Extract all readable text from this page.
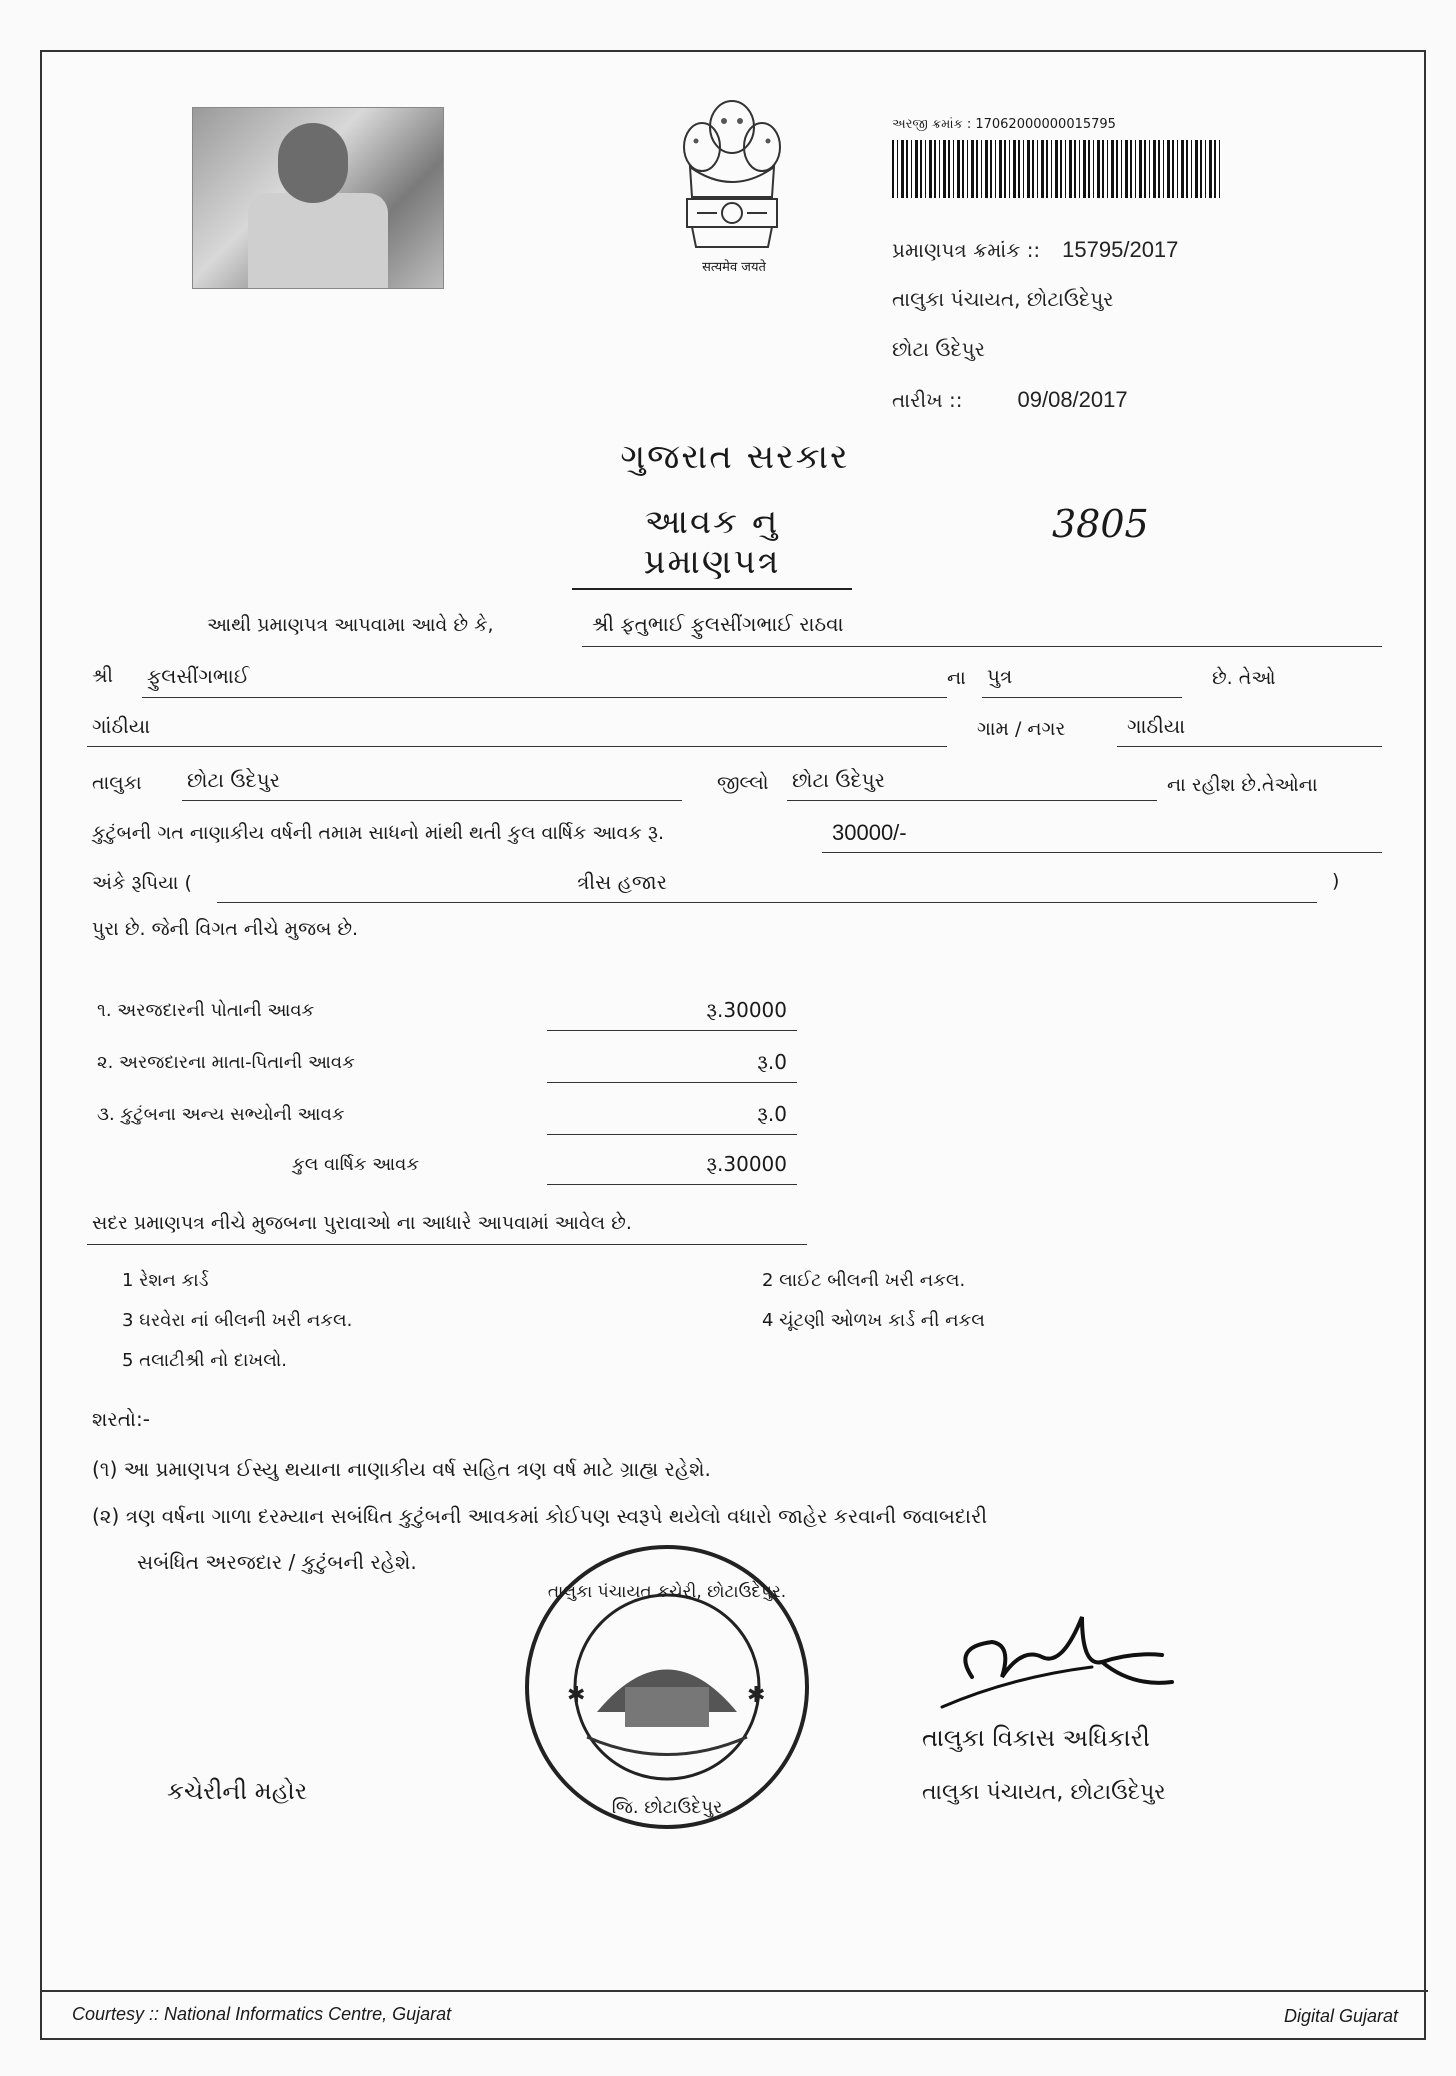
सत्यमेव जयते
અરજી ક્રમાંક : 17062000000015795
પ્રમાણપત્ર ક્રમાંક :: 15795/2017
તાલુકા પંચાયત, છોટાઉદેપુર
છોટા ઉદેપુર
તારીખ ::	09/08/2017
ગુજરાત સરકાર
આવક નુ પ્રમાણપત્ર
3805
આથી પ્રમાણપત્ર આપવામા આવે છે કે,	શ્રી ફતુભાઈ ફુલસીંગભાઈ રાઠવા
શ્રી ફુલસીંગભાઈ	ના પુત્ર	છે. તેઓ
ગાંઠીયા	ગામ / નગર	ગાઠીયા
તાલુકા છોટા ઉદેપુર	જીલ્લો છોટા ઉદેપુર	ના રહીશ છે.તેઓના
કુટુંબની ગત નાણાકીય વર્ષની તમામ સાધનો માંથી થતી કુલ વાર્ષિક આવક રૂ.	30000/-
અંકે રૂપિયા (	ત્રીસ હજાર	)
પુરા છે. જેની વિગત નીચે મુજબ છે.
૧. અરજદારની પોતાની આવક	રૂ.30000
૨. અરજદારના માતા-પિતાની આવક	રૂ.0
૩. કુટુંબના અન્ય સભ્યોની આવક	રૂ.0
કુલ વાર્ષિક આવક	રૂ.30000
સદર પ્રમાણપત્ર નીચે મુજબના પુરાવાઓ ના આધારે આપવામાં આવેલ છે.
1 રેશન કાર્ડ	2 લાઈટ બીલની ખરી નકલ.
3 ઘરવેરા નાં બીલની ખરી નકલ.	4 ચૂંટણી ઓળખ કાર્ડ ની નકલ
5 તલાટીશ્રી નો દાખલો.
શરતો:-
(૧) આ પ્રમાણપત્ર ઈસ્યુ થયાના નાણાકીય વર્ષ સહિત ત્રણ વર્ષ માટે ગ્રાહ્ય રહેશે.
(૨) ત્રણ વર્ષના ગાળા દરમ્યાન સબંધિત કુટુંબની આવકમાં કોઈપણ સ્વરૂપે થયેલો વધારો જાહેર કરવાની જવાબદારી
સબંધિત અરજદાર / કુટુંબની રહેશે.
✱	✱
તાલુકા પંચાયત કચેરી, છોટાઉદેપુર.
જિ. છોટાઉદેપુર
કચેરીની મહોર
તાલુકા વિકાસ અધિકારી
તાલુકા પંચાયત, છોટાઉદેપુર
Courtesy :: National Informatics Centre, Gujarat	Digital Gujarat
